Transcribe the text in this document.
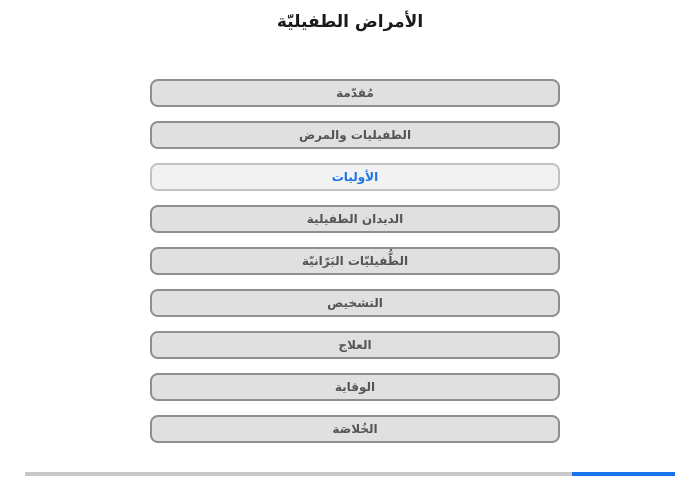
الأمراض الطفيليّة
مُقدّمة
الطفيليات والمرض
الأوليات
الديدان الطفيلية
الطُّفيليّات البَرّانيّة
التشخيص
العلاج
الوقاية
الخُلاصَة
